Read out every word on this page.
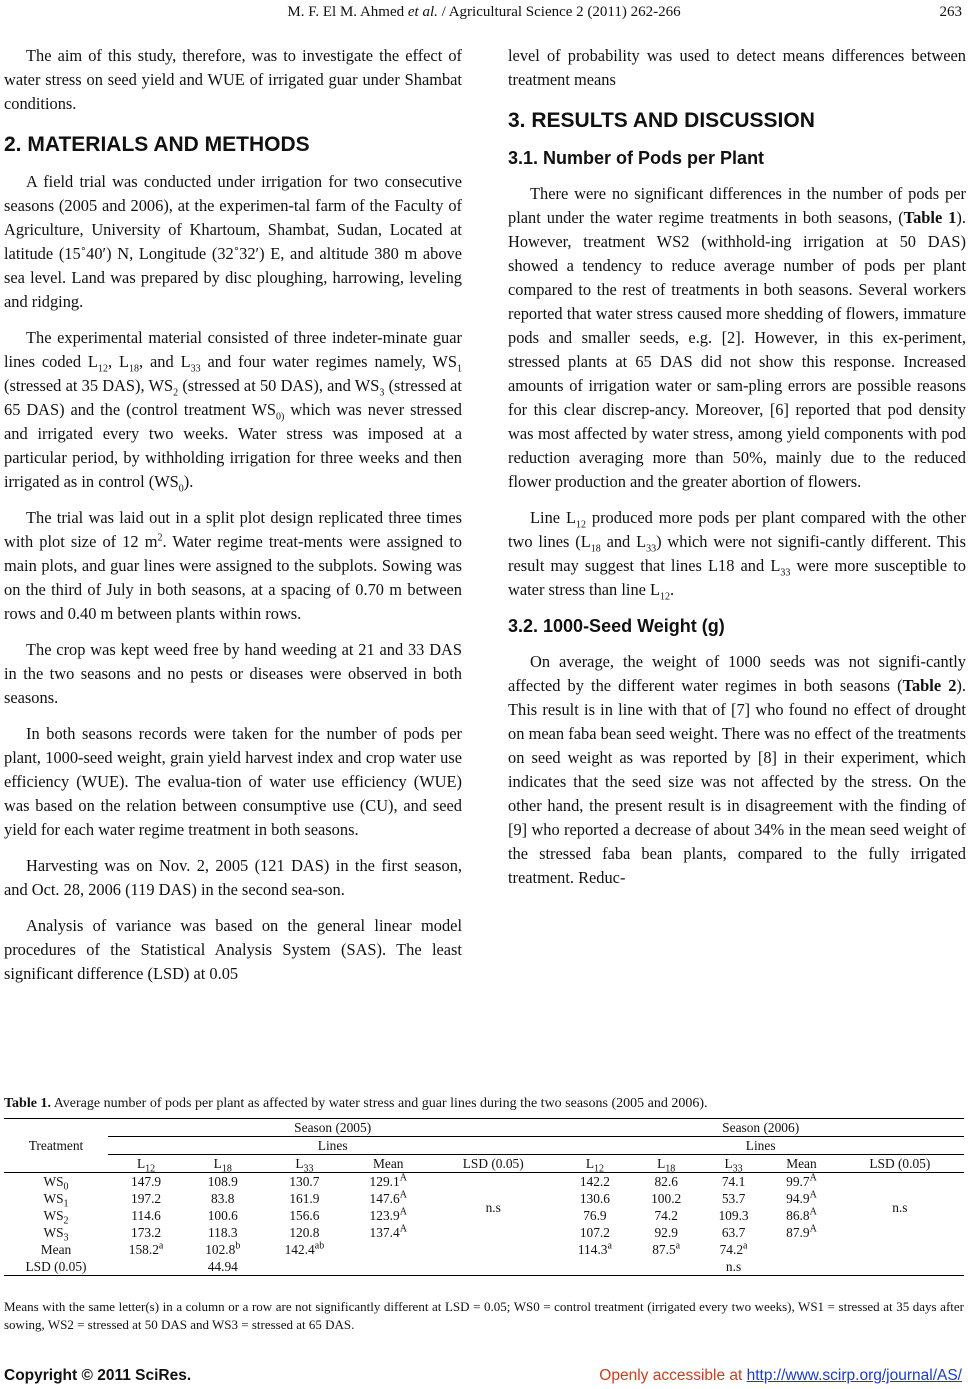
M. F. El M. Ahmed et al. / Agricultural Science 2 (2011) 262-266	263

The aim of this study, therefore, was to investigate the effect of water stress on seed yield and WUE of irrigated guar under Shambat conditions.

2. MATERIALS AND METHODS

A field trial was conducted under irrigation for two consecutive seasons (2005 and 2006), at the experimen-tal farm of the Faculty of Agriculture, University of Khartoum, Shambat, Sudan, Located at latitude (15˚40′) N, Longitude (32˚32′) E, and altitude 380 m above sea level. Land was prepared by disc ploughing, harrowing, leveling and ridging.

The experimental material consisted of three indeter-minate guar lines coded $L_{12}$, $L_{18}$, and $L_{33}$ and four water regimes namely, $WS_1$ (stressed at 35 DAS), $WS_2$ (stressed at 50 DAS), and $WS_3$ (stressed at 65 DAS) and the (control treatment $WS_{0)}$ which was never stressed and irrigated every two weeks. Water stress was imposed at a particular period, by withholding irrigation for three weeks and then irrigated as in control $(WS_0)$.

The trial was laid out in a split plot design replicated three times with plot size of 12 $m^2$. Water regime treat-ments were assigned to main plots, and guar lines were assigned to the subplots. Sowing was on the third of July in both seasons, at a spacing of 0.70 m between rows and 0.40 m between plants within rows.

The crop was kept weed free by hand weeding at 21 and 33 DAS in the two seasons and no pests or diseases were observed in both seasons.

In both seasons records were taken for the number of pods per plant, 1000-seed weight, grain yield harvest index and crop water use efficiency (WUE). The evalua-tion of water use efficiency (WUE) was based on the relation between consumptive use (CU), and seed yield for each water regime treatment in both seasons.

Harvesting was on Nov. 2, 2005 (121 DAS) in the first season, and Oct. 28, 2006 (119 DAS) in the second sea-son.

Analysis of variance was based on the general linear model procedures of the Statistical Analysis System (SAS). The least significant difference (LSD) at 0.05

level of probability was used to detect means differences between treatment means

3. RESULTS AND DISCUSSION
3.1. Number of Pods per Plant

There were no significant differences in the number of pods per plant under the water regime treatments in both seasons, (Table 1). However, treatment WS2 (withhold-ing irrigation at 50 DAS) showed a tendency to reduce average number of pods per plant compared to the rest of treatments in both seasons. Several workers reported that water stress caused more shedding of flowers, immature pods and smaller seeds, e.g. [2]. However, in this ex-periment, stressed plants at 65 DAS did not show this response. Increased amounts of irrigation water or sam-pling errors are possible reasons for this clear discrep-ancy. Moreover, [6] reported that pod density was most affected by water stress, among yield components with pod reduction averaging more than 50%, mainly due to the reduced flower production and the greater abortion of flowers.

Line $L_{12}$ produced more pods per plant compared with the other two lines ($L_{18}$ and $L_{33}$) which were not signifi-cantly different. This result may suggest that lines L18 and $L_{33}$ were more susceptible to water stress than line $L_{12}$.

3.2. 1000-Seed Weight (g)

On average, the weight of 1000 seeds was not signifi-cantly affected by the different water regimes in both seasons (Table 2). This result is in line with that of [7] who found no effect of drought on mean faba bean seed weight. There was no effect of the treatments on seed weight as was reported by [8] in their experiment, which indicates that the seed size was not affected by the stress. On the other hand, the present result is in disagreement with the finding of [9] who reported a decrease of about 34% in the mean seed weight of the stressed faba bean plants, compared to the fully irrigated treatment. Reduc-

Table 1. Average number of pods per plant as affected by water stress and guar lines during the two seasons (2005 and 2006).
Treatment	Season (2005)					Season (2006)				
	Lines					Lines				
	$L_{12}$	$L_{18}$	$L_{33}$	Mean	LSD (0.05)	$L_{12}$	$L_{18}$	$L_{33}$	Mean	LSD (0.05)
$WS_0$	147.9	108.9	130.7	$129.1^A$	n.s	142.2	82.6	74.1	$99.7^A$	n.s
$WS_1$	197.2	83.8	161.9	$147.6^A$		130.6	100.2	53.7	$94.9^A$
$WS_2$	114.6	100.6	156.6	$123.9^A$		76.9	74.2	109.3	$86.8^A$
$WS_3$	173.2	118.3	120.8	$137.4^A$		107.2	92.9	63.7	$87.9^A$
Mean	158.2$^a$	102.8$^b$	142.4$^{ab}$			114.3$^a$	87.5$^a$	74.2$^a$		
LSD (0.05)		44.94						n.s		
Means with the same letter(s) in a column or a row are not significantly different at LSD = 0.05; WS0 = control treatment (irrigated every two weeks), WS1 = stressed at 35 days after sowing, WS2 = stressed at 50 DAS and WS3 = stressed at 65 DAS.
Copyright © 2011 SciRes.	Openly accessible at http://www.scirp.org/journal/AS/
